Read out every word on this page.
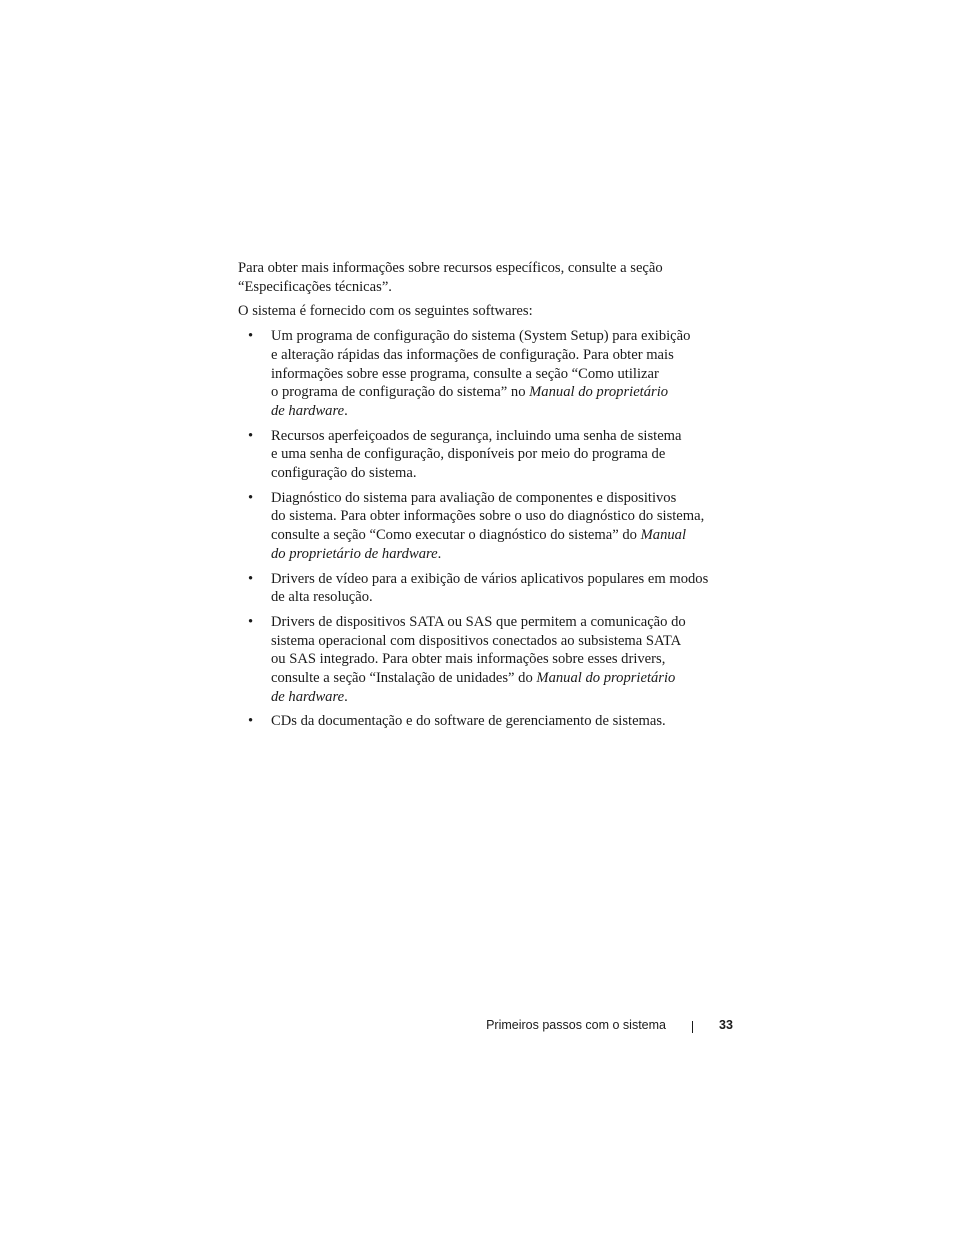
Para obter mais informações sobre recursos específicos, consulte a seção
“Especificações técnicas”.

O sistema é fornecido com os seguintes softwares:

• Um programa de configuração do sistema (System Setup) para exibição
e alteração rápidas das informações de configuração. Para obter mais
informações sobre esse programa, consulte a seção “Como utilizar
o programa de configuração do sistema” no Manual do proprietário
de hardware.
• Recursos aperfeiçoados de segurança, incluindo uma senha de sistema
e uma senha de configuração, disponíveis por meio do programa de
configuração do sistema.
• Diagnóstico do sistema para avaliação de componentes e dispositivos
do sistema. Para obter informações sobre o uso do diagnóstico do sistema,
consulte a seção “Como executar o diagnóstico do sistema” do Manual
do proprietário de hardware.
• Drivers de vídeo para a exibição de vários aplicativos populares em modos
de alta resolução.
• Drivers de dispositivos SATA ou SAS que permitem a comunicação do
sistema operacional com dispositivos conectados ao subsistema SATA
ou SAS integrado. Para obter mais informações sobre esses drivers,
consulte a seção “Instalação de unidades” do Manual do proprietário
de hardware.
• CDs da documentação e do software de gerenciamento de sistemas.
Primeiros passos com o sistema	33
